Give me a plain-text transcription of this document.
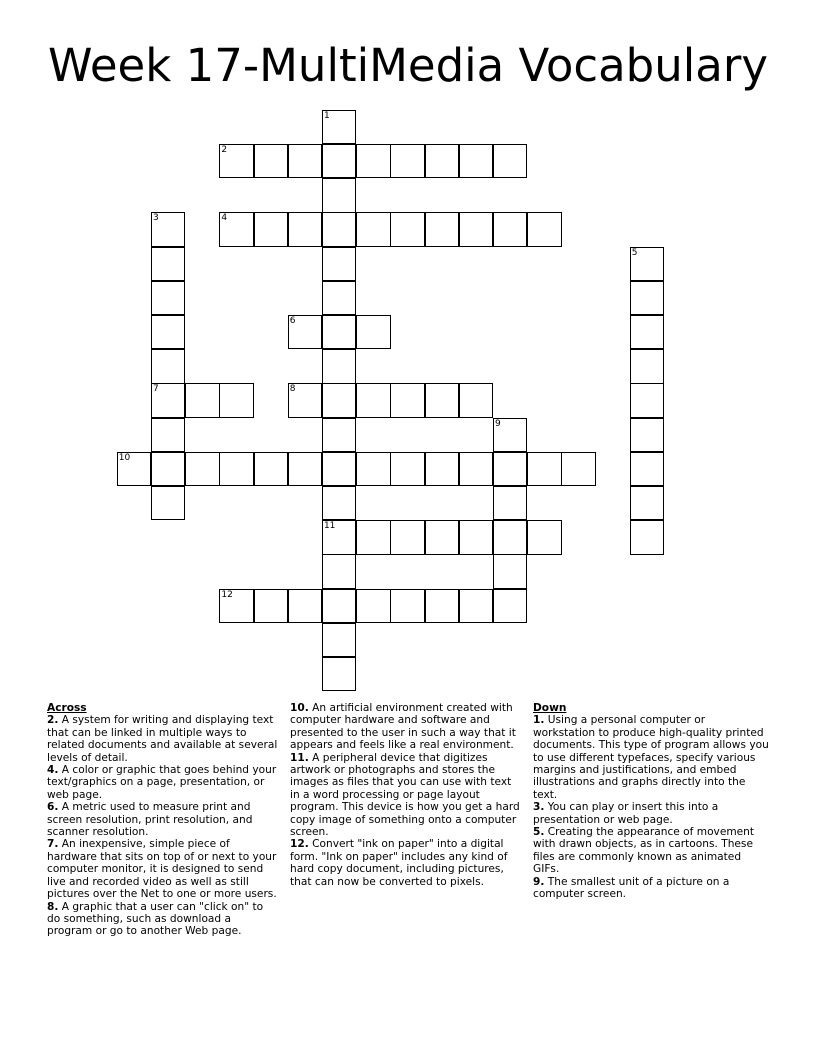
Week 17-MultiMedia Vocabulary
1
11
2
3
7
4
5
6
8
9
10
12
Across
2. A system for writing and displaying text that can be linked in multiple ways to related documents and available at several levels of detail.
4. A color or graphic that goes behind your text/graphics on a page, presentation, or web page.
6. A metric used to measure print and screen resolution, print resolution, and scanner resolution.
7. An inexpensive, simple piece of hardware that sits on top of or next to your computer monitor, it is designed to send live and recorded video as well as still pictures over the Net to one or more users.
8. A graphic that a user can "click on" to do something, such as download a program or go to another Web page.
10. An artificial environment created with computer hardware and software and presented to the user in such a way that it appears and feels like a real environment.
11. A peripheral device that digitizes artwork or photographs and stores the images as files that you can use with text in a word processing or page layout program. This device is how you get a hard copy image of something onto a computer screen.
12. Convert "ink on paper" into a digital form. "Ink on paper" includes any kind of hard copy document, including pictures, that can now be converted to pixels.
Down
1. Using a personal computer or workstation to produce high-quality printed documents. This type of program allows you to use different typefaces, specify various margins and justifications, and embed illustrations and graphs directly into the text.
3. You can play or insert this into a presentation or web page.
5. Creating the appearance of movement with drawn objects, as in cartoons. These files are commonly known as animated GIFs.
9. The smallest unit of a picture on a computer screen.
